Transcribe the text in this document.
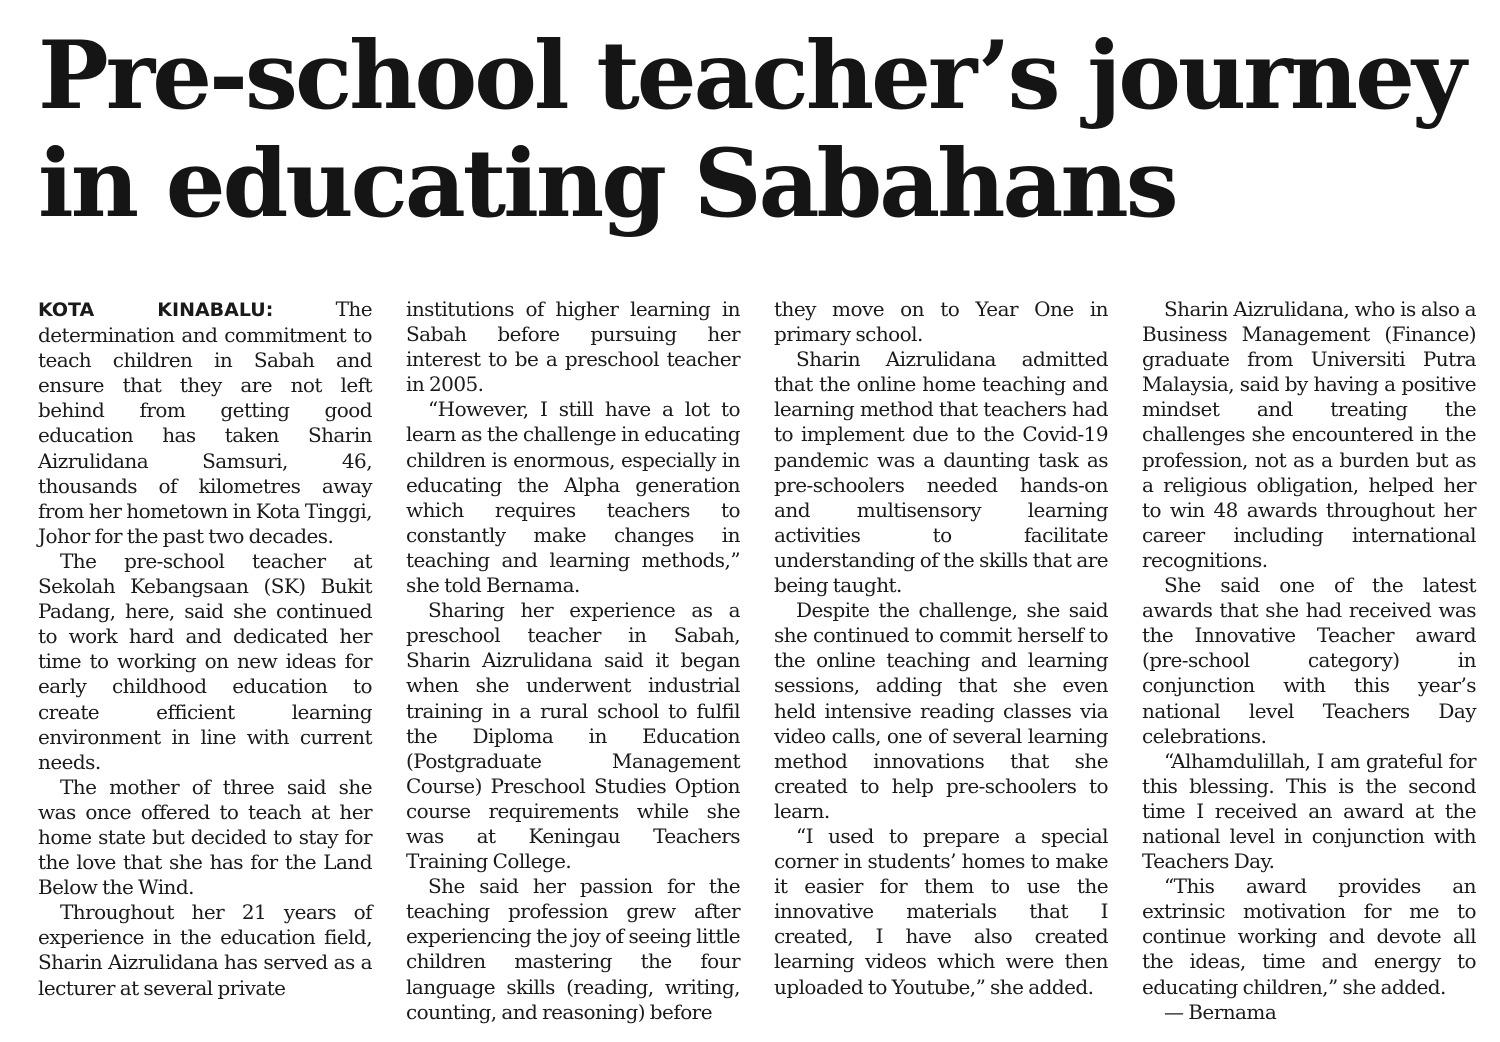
Pre-school teacher’s journey
in educating Sabahans

KOTA KINABALU:	The determination and commitment to teach children in Sabah and ensure that they are not left behind from getting good education has taken Sharin Aizrulidana Samsuri, 46, thousands of kilometres away from her hometown in Kota Tinggi, Johor for the past two decades.

The pre-school teacher at Sekolah Kebangsaan (SK) Bukit Padang, here, said she continued to work hard and dedicated her time to working on new ideas for early childhood education to create efficient learning environment in line with current needs.

The mother of three said she was once offered to teach at her home state but decided to stay for the love that she has for the Land Below the Wind.

Throughout her 21 years of experience in the education field, Sharin Aizrulidana has served as a lecturer at several private

institutions of higher learning in Sabah before pursuing her interest to be a preschool teacher in 2005.

“However, I still have a lot to learn as the challenge in educating children is enormous, especially in educating the Alpha generation which requires teachers to constantly make changes in teaching and learning methods,” she told Bernama.

Sharing her experience as a preschool teacher in Sabah, Sharin Aizrulidana said it began when she underwent industrial training in a rural school to fulfil the Diploma in Education (Postgraduate Management Course) Preschool Studies Option course requirements while she was at Keningau Teachers Training College.

She said her passion for the teaching profession grew after experiencing the joy of seeing little children mastering the four language skills (reading, writing, counting, and reasoning) before

they move on to Year One in primary school.

Sharin Aizrulidana admitted that the online home teaching and learning method that teachers had to implement due to the Covid-19 pandemic was a daunting task as pre-schoolers needed hands-on and multisensory learning activities to facilitate understanding of the skills that are being taught.

Despite the challenge, she said she continued to commit herself to the online teaching and learning sessions, adding that she even held intensive reading classes via video calls, one of several learning method innovations that she created to help pre-schoolers to learn.

“I used to prepare a special corner in students’ homes to make it easier for them to use the innovative materials that I created, I have also created learning videos which were then uploaded to Youtube,” she added.

Sharin Aizrulidana, who is also a Business Management (Finance) graduate from Universiti Putra Malaysia, said by having a positive mindset and treating the challenges she encountered in the profession, not as a burden but as a religious obligation, helped her to win 48 awards throughout her career including international recognitions.

She said one of the latest awards that she had received was the Innovative Teacher award (pre-school category) in conjunction with this year’s national level Teachers Day celebrations.

“Alhamdulillah, I am grateful for this blessing. This is the second time I received an award at the national level in conjunction with Teachers Day.

“This award provides an extrinsic motivation for me to continue working and devote all the ideas, time and energy to educating children,” she added.

— Bernama
